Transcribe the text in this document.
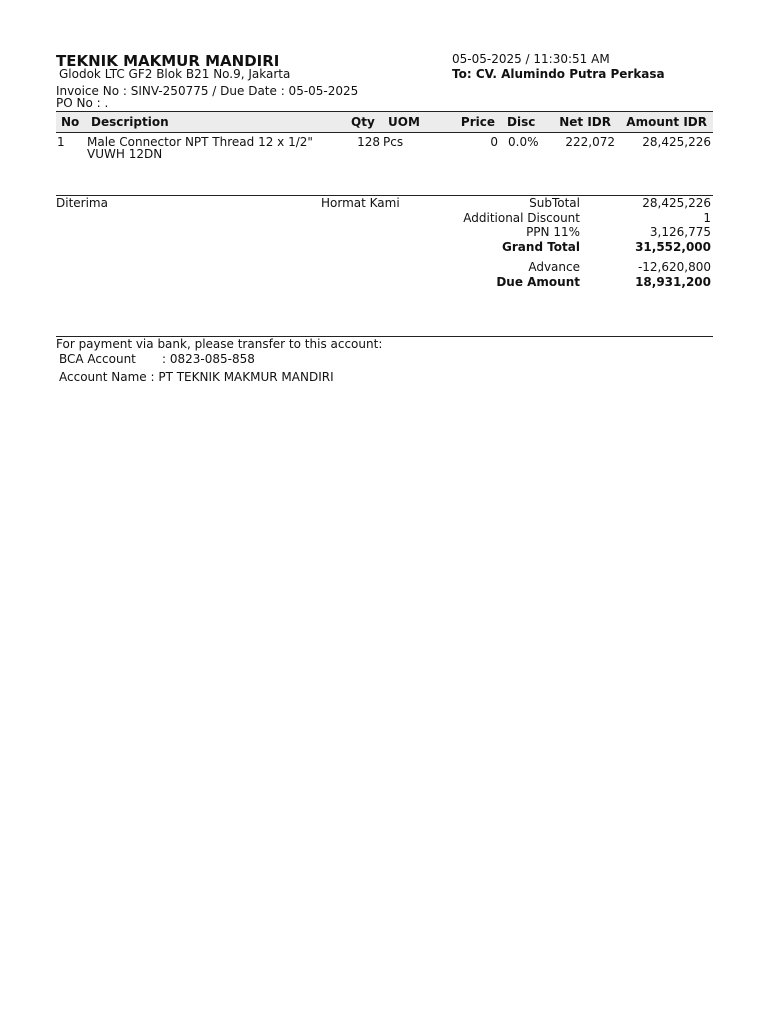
TEKNIK MAKMUR MANDIRI
Glodok LTC GF2 Blok B21 No.9, Jakarta
05-05-2025 / 11:30:51 AM
To: CV. Alumindo Putra Perkasa
Invoice No : SINV-250775 / Due Date : 05-05-2025
PO No : .
No Description	Qty UOM	Price Disc	Net IDR	Amount IDR
1 Male Connector NPT Thread 12 x 1/2"
VUWH 12DN
128 Pcs	0 0.0%	222,072	28,425,226
Diterima	Hormat Kami	SubTotal	28,425,226
Additional Discount	1
PPN 11%	3,126,775
Grand Total	31,552,000
Advance	-12,620,800
Due Amount	18,931,200
For payment via bank, please transfer to this account:
BCA Account : 0823-085-858
Account Name : PT TEKNIK MAKMUR MANDIRI
